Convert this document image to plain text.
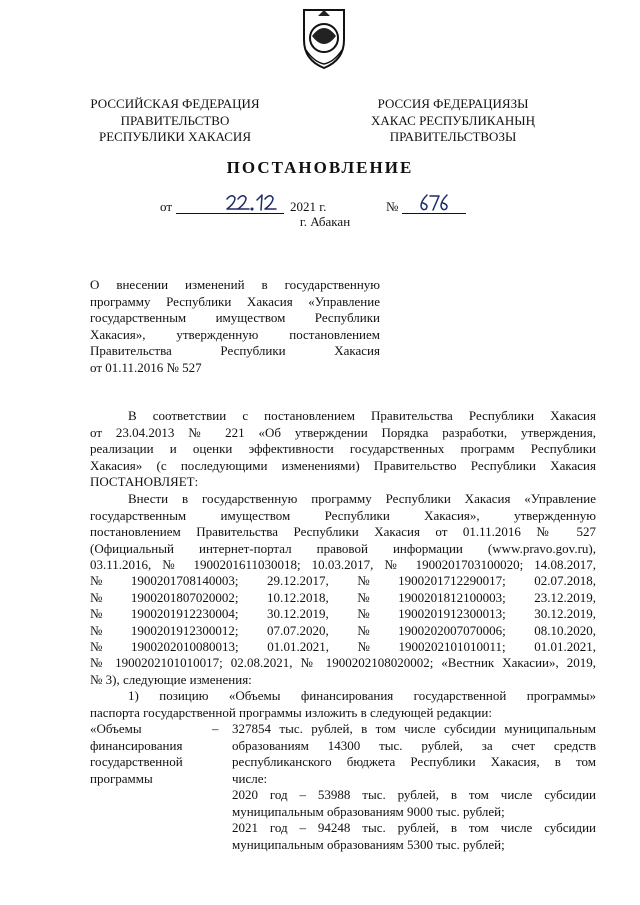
РОССИЙСКАЯ ФЕДЕРАЦИЯ
ПРАВИТЕЛЬСТВО
РЕСПУБЛИКИ ХАКАСИЯ
РОССИЯ ФЕДЕРАЦИЯЗЫ
ХАКАС РЕСПУБЛИКАНЫҢ
ПРАВИТЕЛЬСТВОЗЫ
ПОСТАНОВЛЕНИЕ
от	2021 г.	№
г. Абакан
О внесении изменений в государственную
программу Республики Хакасия «Управление
государственным имуществом Республики
Хакасия», утвержденную постановлением
Правительства Республики Хакасия
от 01.11.2016 № 527
В соответствии с постановлением Правительства Республики Хакасия
от 23.04.2013 № 221 «Об утверждении Порядка разработки, утверждения,
реализации и оценки эффективности государственных программ Республики
Хакасия» (с последующими изменениями) Правительство Республики Хакасия
ПОСТАНОВЛЯЕТ:
Внести в государственную программу Республики Хакасия «Управление
государственным имуществом Республики Хакасия», утвержденную
постановлением Правительства Республики Хакасия от 01.11.2016 № 527
(Официальный интернет-портал правовой информации (www.pravo.gov.ru),
03.11.2016, № 1900201611030018; 10.03.2017, № 1900201703100020; 14.08.2017,
№ 1900201708140003; 29.12.2017, № 1900201712290017; 02.07.2018,
№ 1900201807020002; 10.12.2018, № 1900201812100003; 23.12.2019,
№ 1900201912230004; 30.12.2019, № 1900201912300013; 30.12.2019,
№ 1900201912300012; 07.07.2020, № 1900202007070006; 08.10.2020,
№ 1900202010080013; 01.01.2021, № 1900202101010011; 01.01.2021,
№ 1900202101010017; 02.08.2021, № 1900202108020002; «Вестник Хакасии», 2019,
№ 3), следующие изменения:
1) позицию «Объемы финансирования государственной программы»
паспорта государственной программы изложить в следующей редакции:
«Объемы
финансирования
государственной
программы
– 327854 тыс. рублей, в том числе субсидии муниципальным
образованиям 14300 тыс. рублей, за счет средств
республиканского бюджета Республики Хакасия, в том
числе:
2020 год – 53988 тыс. рублей, в том числе субсидии
муниципальным образованиям 9000 тыс. рублей;
2021 год – 94248 тыс. рублей, в том числе субсидии
муниципальным образованиям 5300 тыс. рублей;
